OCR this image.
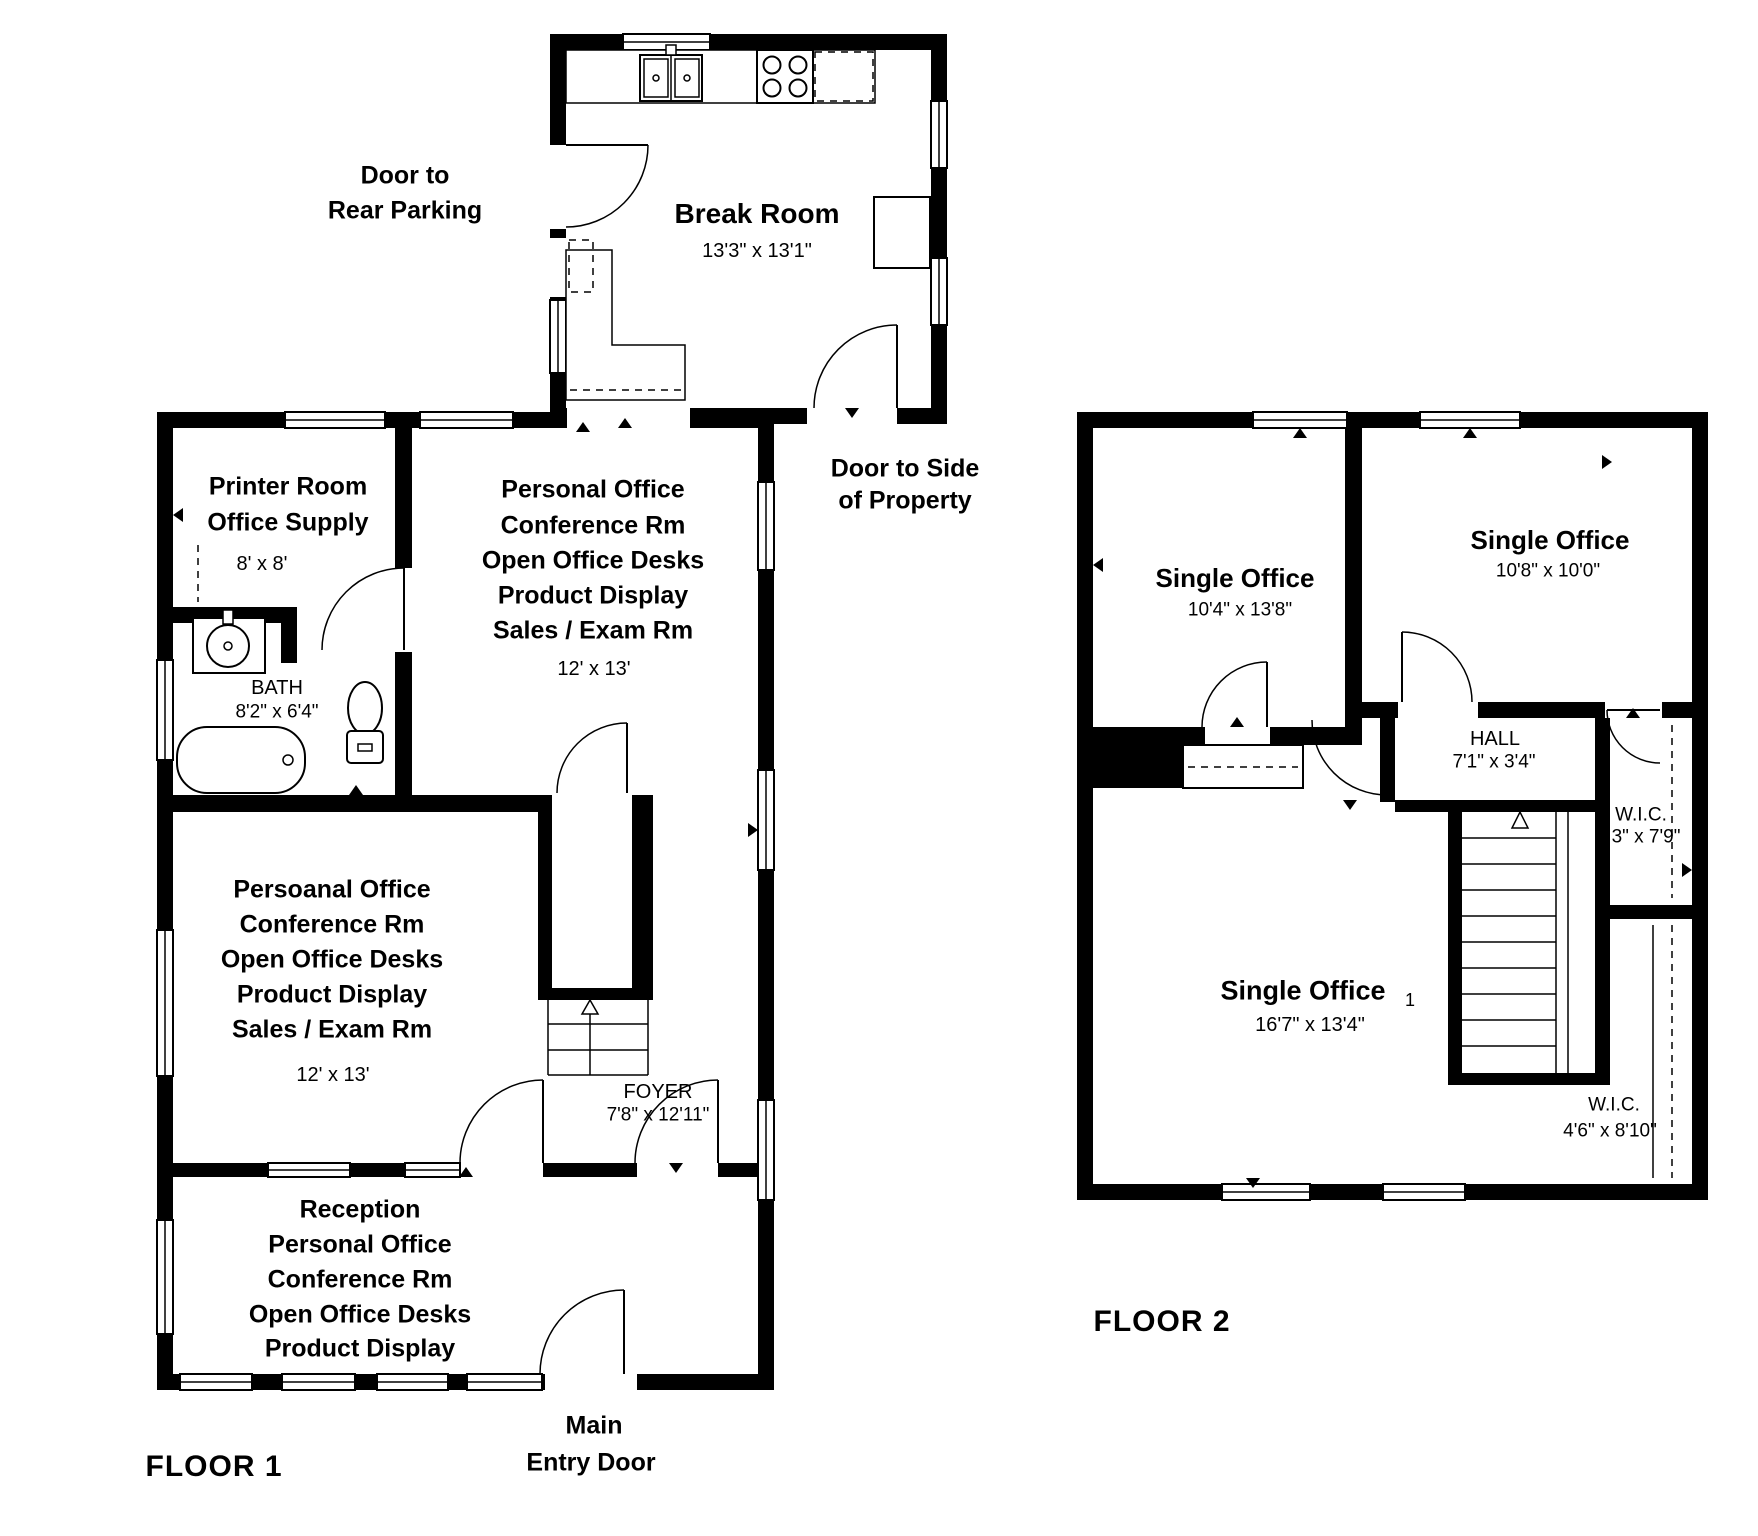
Break Room
13'3" x 13'1"
Door to
Rear Parking
Door to Side
of Property
Printer Room
Office Supply
8' x 8'
BATH
8'2" x 6'4"
Personal Office
Conference Rm
Open Office Desks
Product Display
Sales / Exam Rm
12' x 13'
Persoanal Office
Conference Rm
Open Office Desks
Product Display
Sales / Exam Rm
12' x 13'
FOYER
7'8" x 12'11"
Reception
Personal Office
Conference Rm
Open Office Desks
Product Display
Main
Entry Door
FLOOR 1
Single Office
10'4" x 13'8"
Single Office
10'8" x 10'0"
HALL
7'1" x 3'4"
W.I.C.
3" x 7'9"
Single Office 1
16'7" x 13'4"
W.I.C.
4'6" x 8'10"
FLOOR 2
